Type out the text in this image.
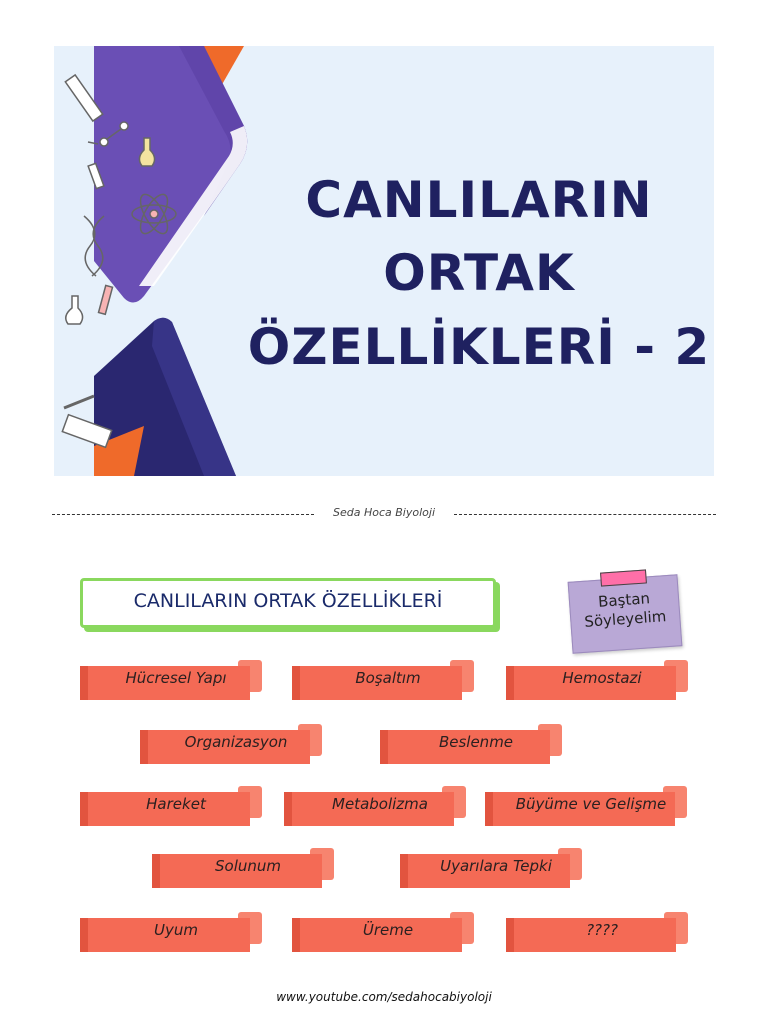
CANLILARIN
ORTAK
ÖZELLİKLERİ - 2
Seda Hoca Biyoloji
CANLILARIN ORTAK ÖZELLİKLERİ	Baştan
Söyleyelim
Hücresel Yapı	Boşaltım	Hemostazi
Organizasyon	Beslenme
Hareket	Metabolizma	Büyüme ve Gelişme
Solunum	Uyarılara Tepki
Uyum	Üreme	????
www.youtube.com/sedahocabiyoloji
